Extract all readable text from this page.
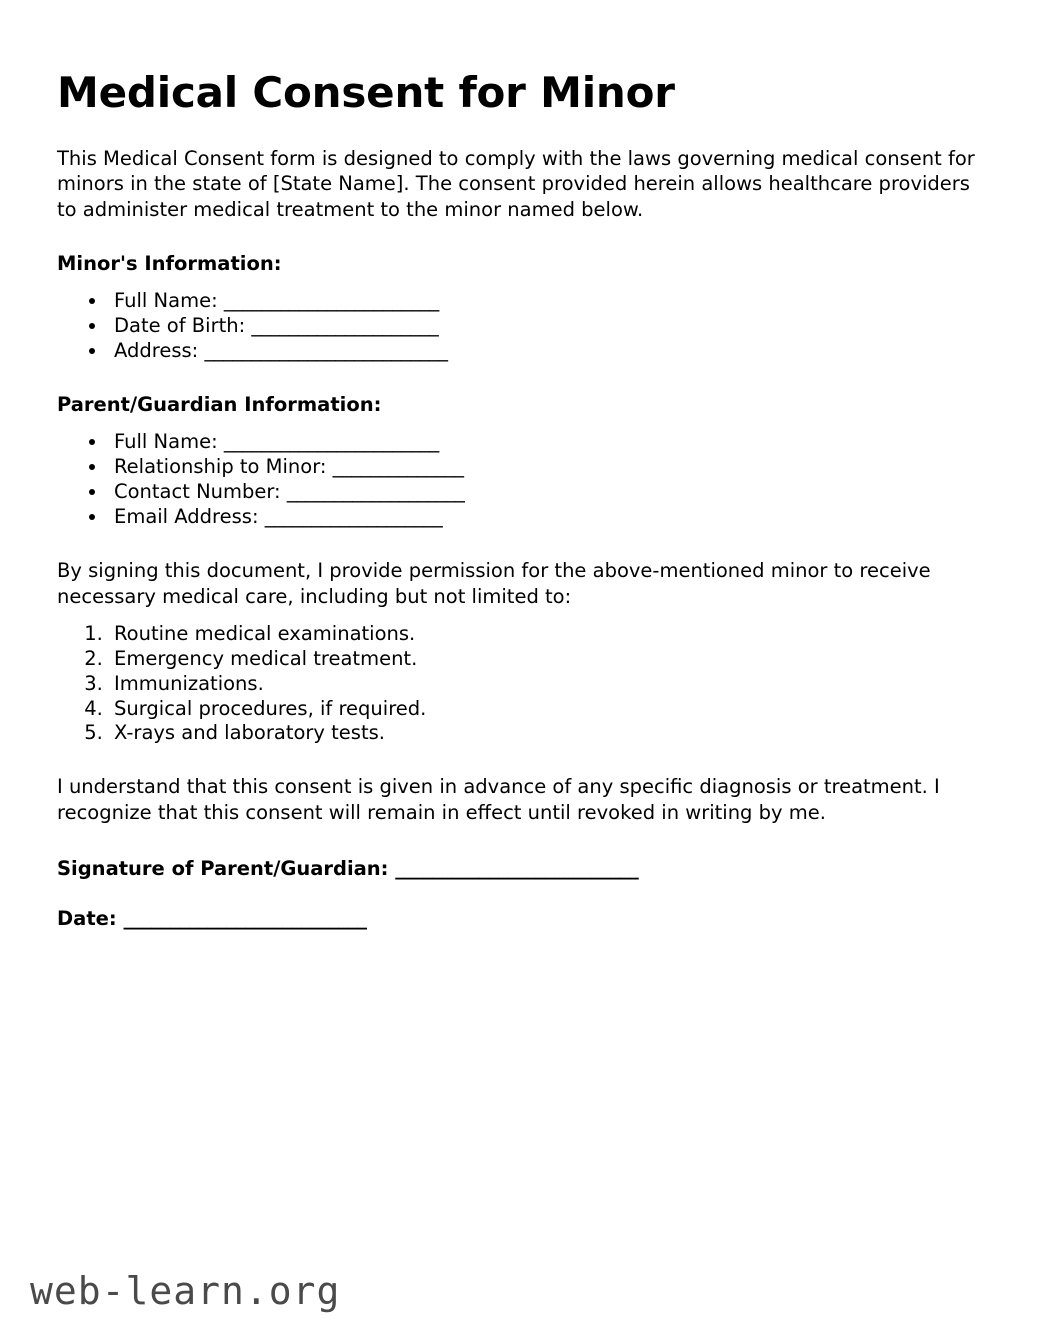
Medical Consent for Minor

This Medical Consent form is designed to comply with the laws governing medical consent for minors in the state of [State Name]. The consent provided herein allows healthcare providers to administer medical treatment to the minor named below.

Minor's Information:
• Full Name: _______________________
• Date of Birth: ____________________
• Address: __________________________
Parent/Guardian Information:
• Full Name: _______________________
• Relationship to Minor: ______________
• Contact Number: ___________________
• Email Address: ___________________

By signing this document, I provide permission for the above-mentioned minor to receive necessary medical care, including but not limited to:

1. Routine medical examinations.
2. Emergency medical treatment.
3. Immunizations.
4. Surgical procedures, if required.
5. X-rays and laboratory tests.

I understand that this consent is given in advance of any specific diagnosis or treatment. I recognize that this consent will remain in effect until revoked in writing by me.

Signature of Parent/Guardian: __________________________

Date: __________________________

web-learn.org
